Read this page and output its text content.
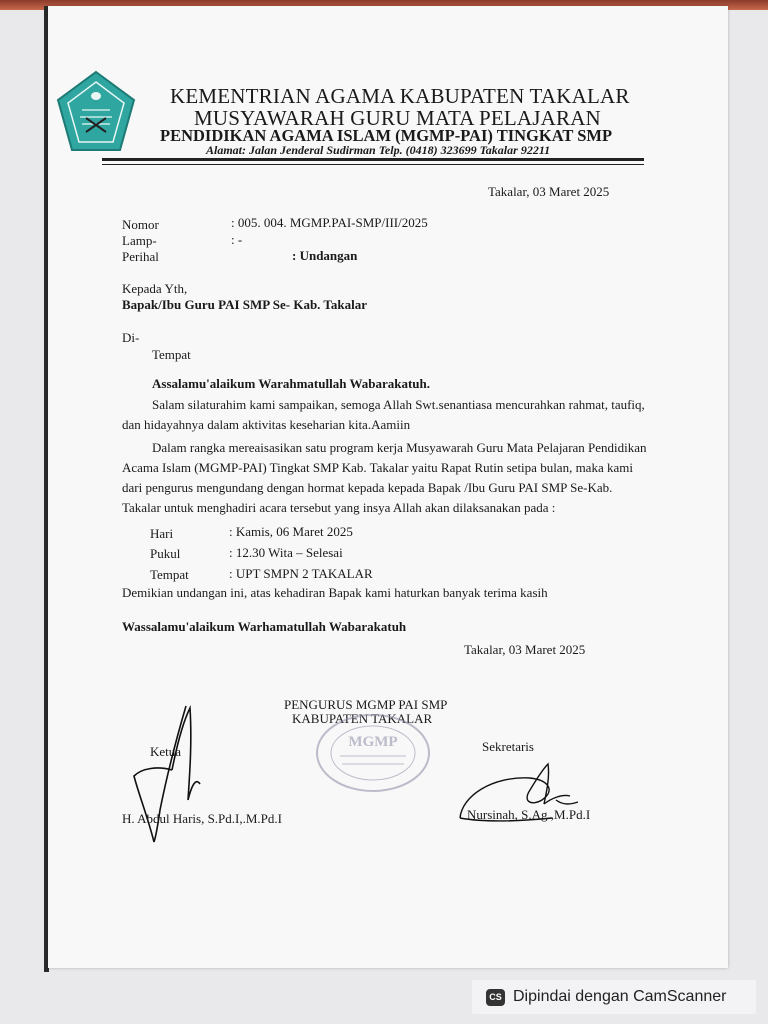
KEMENTRIAN AGAMA KABUPATEN TAKALAR
MUSYAWARAH GURU MATA PELAJARAN
PENDIDIKAN AGAMA ISLAM (MGMP-PAI) TINGKAT SMP
Alamat: Jalan Jenderal Sudirman Telp. (0418) 323699 Takalar 92211
Takalar, 03 Maret 2025
Nomor	: 005. 004. MGMP.PAI-SMP/III/2025
Lamp-	: -
Perihal	: Undangan
Kepada Yth,
Bapak/Ibu Guru PAI SMP Se- Kab. Takalar
Di-
Tempat
Assalamu'alaikum Warahmatullah Wabarakatuh.
Salam silaturahim kami sampaikan, semoga Allah Swt.senantiasa mencurahkan rahmat, taufiq,
dan hidayahnya dalam aktivitas keseharian kita.Aamiin
Dalam rangka mereaisasikan satu program kerja Musyawarah Guru Mata Pelajaran Pendidikan
Acama Islam (MGMP-PAI) Tingkat SMP Kab. Takalar yaitu Rapat Rutin setipa bulan, maka kami
dari pengurus mengundang dengan hormat kepada kepada Bapak /Ibu Guru PAI SMP Se-Kab.
Takalar untuk menghadiri acara tersebut yang insya Allah akan dilaksanakan pada :
Hari	: Kamis, 06 Maret 2025
Pukul	: 12.30 Wita – Selesai
Tempat	: UPT SMPN 2 TAKALAR
Demikian undangan ini, atas kehadiran Bapak kami haturkan banyak terima kasih
Wassalamu'alaikum Warhamatullah Wabarakatuh
Takalar, 03 Maret 2025
PENGURUS MGMP PAI SMP
KABUPATEN TAKALAR
MGMP
Ketua	Sekretaris
H. Abdul Haris, S.Pd.I,.M.Pd.I	Nursinah, S.Ag.,M.Pd.I
CS Dipindai dengan CamScanner
